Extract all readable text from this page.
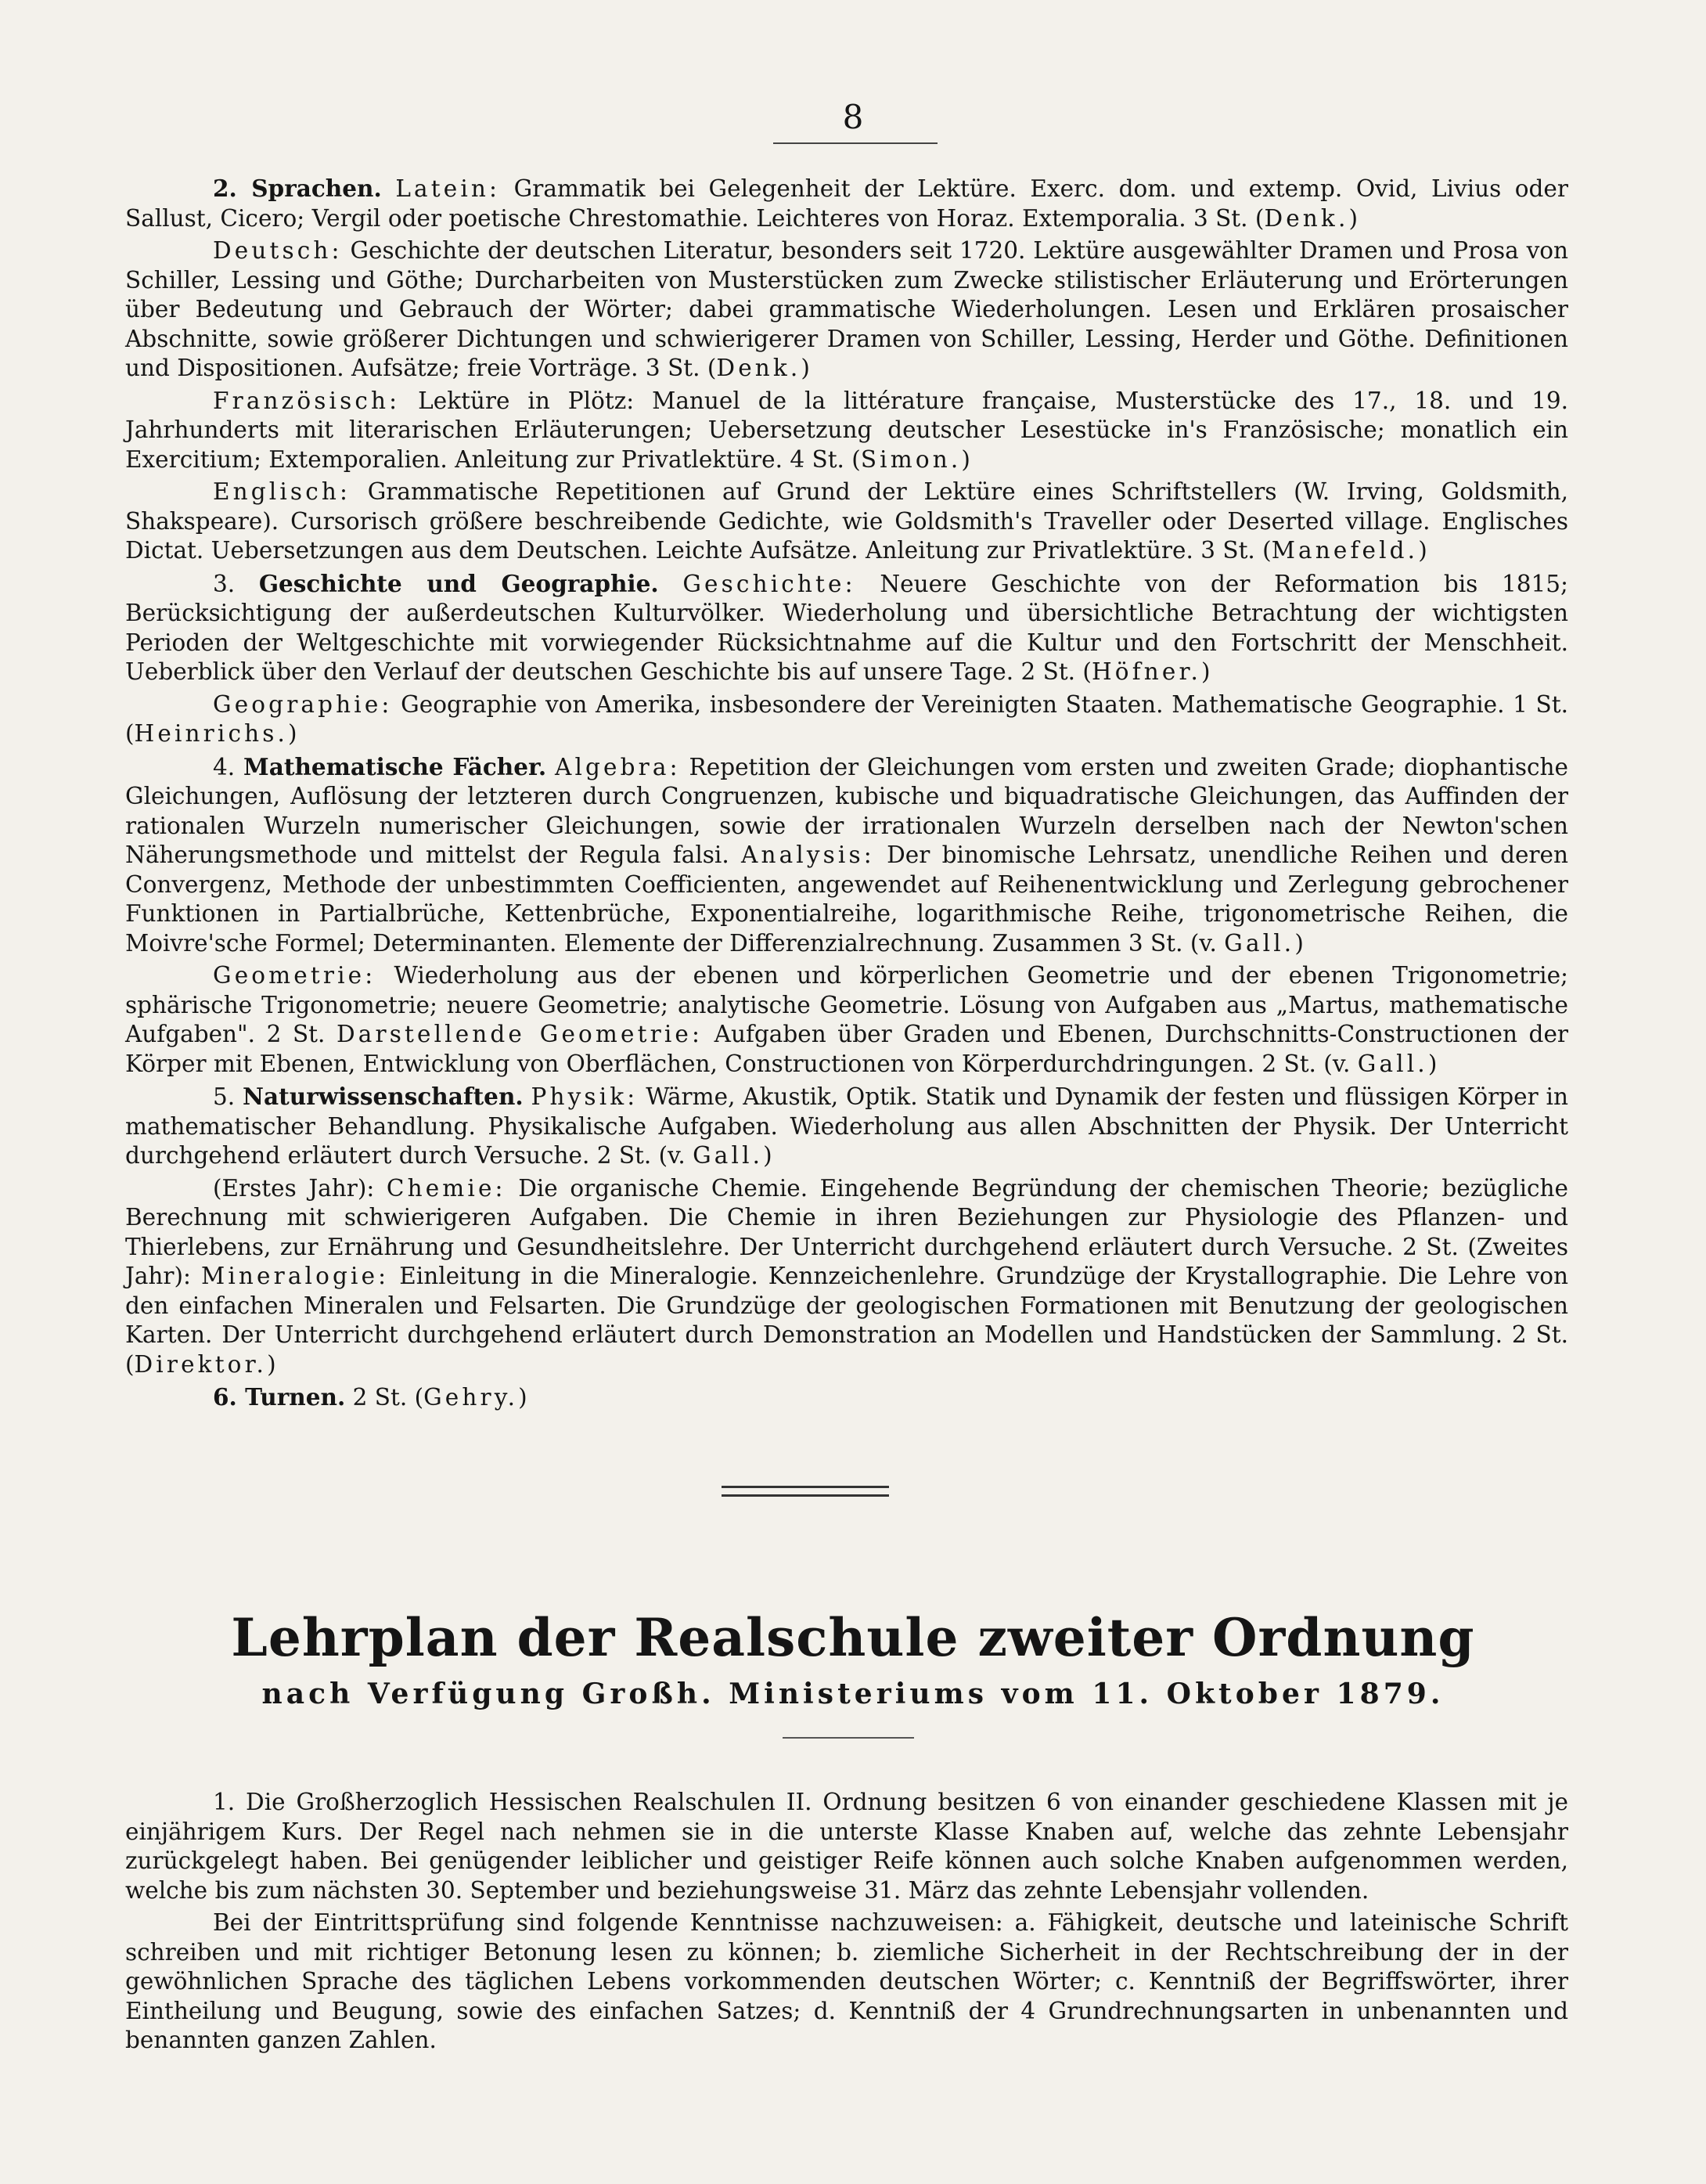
8

2. Sprachen. Latein: Grammatik bei Gelegenheit der Lektüre. Exerc. dom. und extemp. Ovid, Livius oder Sallust, Cicero; Vergil oder poetische Chrestomathie. Leichteres von Horaz. Extemporalia. 3 St. (Denk.)

Deutsch: Geschichte der deutschen Literatur, besonders seit 1720. Lektüre ausgewählter Dramen und Prosa von Schiller, Lessing und Göthe; Durcharbeiten von Musterstücken zum Zwecke stilistischer Erläuterung und Erörterungen über Bedeutung und Gebrauch der Wörter; dabei grammatische Wiederholungen. Lesen und Erklären prosaischer Abschnitte, sowie größerer Dichtungen und schwierigerer Dramen von Schiller, Lessing, Herder und Göthe. Definitionen und Dispositionen. Aufsätze; freie Vorträge. 3 St. (Denk.)

Französisch: Lektüre in Plötz: Manuel de la littérature française, Musterstücke des 17., 18. und 19. Jahrhunderts mit literarischen Erläuterungen; Uebersetzung deutscher Lesestücke in's Französische; monatlich ein Exercitium; Extemporalien. Anleitung zur Privatlektüre. 4 St. (Simon.)

Englisch: Grammatische Repetitionen auf Grund der Lektüre eines Schriftstellers (W. Irving, Goldsmith, Shakspeare). Cursorisch größere beschreibende Gedichte, wie Goldsmith's Traveller oder Deserted village. Englisches Dictat. Uebersetzungen aus dem Deutschen. Leichte Aufsätze. Anleitung zur Privatlektüre. 3 St. (Manefeld.)

3. Geschichte und Geographie. Geschichte: Neuere Geschichte von der Reformation bis 1815; Berücksichtigung der außerdeutschen Kulturvölker. Wiederholung und übersichtliche Betrachtung der wichtigsten Perioden der Weltgeschichte mit vorwiegender Rücksichtnahme auf die Kultur und den Fortschritt der Menschheit. Ueberblick über den Verlauf der deutschen Geschichte bis auf unsere Tage. 2 St. (Höfner.)

Geographie: Geographie von Amerika, insbesondere der Vereinigten Staaten. Mathematische Geographie. 1 St. (Heinrichs.)

4. Mathematische Fächer. Algebra: Repetition der Gleichungen vom ersten und zweiten Grade; diophantische Gleichungen, Auflösung der letzteren durch Congruenzen, kubische und biquadratische Gleichungen, das Auffinden der rationalen Wurzeln numerischer Gleichungen, sowie der irrationalen Wurzeln derselben nach der Newton'schen Näherungsmethode und mittelst der Regula falsi. Analysis: Der binomische Lehrsatz, unendliche Reihen und deren Convergenz, Methode der unbestimmten Coefficienten, angewendet auf Reihenentwicklung und Zerlegung gebrochener Funktionen in Partialbrüche, Kettenbrüche, Exponentialreihe, logarithmische Reihe, trigonometrische Reihen, die Moivre'sche Formel; Determinanten. Elemente der Differenzialrechnung. Zusammen 3 St. (v. Gall.)

Geometrie: Wiederholung aus der ebenen und körperlichen Geometrie und der ebenen Trigonometrie; sphärische Trigonometrie; neuere Geometrie; analytische Geometrie. Lösung von Aufgaben aus „Martus, mathematische Aufgaben". 2 St. Darstellende Geometrie: Aufgaben über Graden und Ebenen, Durchschnitts-Constructionen der Körper mit Ebenen, Entwicklung von Oberflächen, Constructionen von Körperdurchdringungen. 2 St. (v. Gall.)

5. Naturwissenschaften. Physik: Wärme, Akustik, Optik. Statik und Dynamik der festen und flüssigen Körper in mathematischer Behandlung. Physikalische Aufgaben. Wiederholung aus allen Abschnitten der Physik. Der Unterricht durchgehend erläutert durch Versuche. 2 St. (v. Gall.)

(Erstes Jahr): Chemie: Die organische Chemie. Eingehende Begründung der chemischen Theorie; bezügliche Berechnung mit schwierigeren Aufgaben. Die Chemie in ihren Beziehungen zur Physiologie des Pflanzen- und Thierlebens, zur Ernährung und Gesundheitslehre. Der Unterricht durchgehend erläutert durch Versuche. 2 St. (Zweites Jahr): Mineralogie: Einleitung in die Mineralogie. Kennzeichenlehre. Grundzüge der Krystallographie. Die Lehre von den einfachen Mineralen und Felsarten. Die Grundzüge der geologischen Formationen mit Benutzung der geologischen Karten. Der Unterricht durchgehend erläutert durch Demonstration an Modellen und Handstücken der Sammlung. 2 St. (Direktor.)

6. Turnen. 2 St. (Gehry.)

Lehrplan der Realschule zweiter Ordnung
nach Verfügung Großh. Ministeriums vom 11. Oktober 1879.

1. Die Großherzoglich Hessischen Realschulen II. Ordnung besitzen 6 von einander geschiedene Klassen mit je einjährigem Kurs. Der Regel nach nehmen sie in die unterste Klasse Knaben auf, welche das zehnte Lebensjahr zurückgelegt haben. Bei genügender leiblicher und geistiger Reife können auch solche Knaben aufgenommen werden, welche bis zum nächsten 30. September und beziehungsweise 31. März das zehnte Lebensjahr vollenden.

Bei der Eintrittsprüfung sind folgende Kenntnisse nachzuweisen: a. Fähigkeit, deutsche und lateinische Schrift schreiben und mit richtiger Betonung lesen zu können; b. ziemliche Sicherheit in der Rechtschreibung der in der gewöhnlichen Sprache des täglichen Lebens vorkommenden deutschen Wörter; c. Kenntniß der Begriffswörter, ihrer Eintheilung und Beugung, sowie des einfachen Satzes; d. Kenntniß der 4 Grundrechnungsarten in unbenannten und benannten ganzen Zahlen.
